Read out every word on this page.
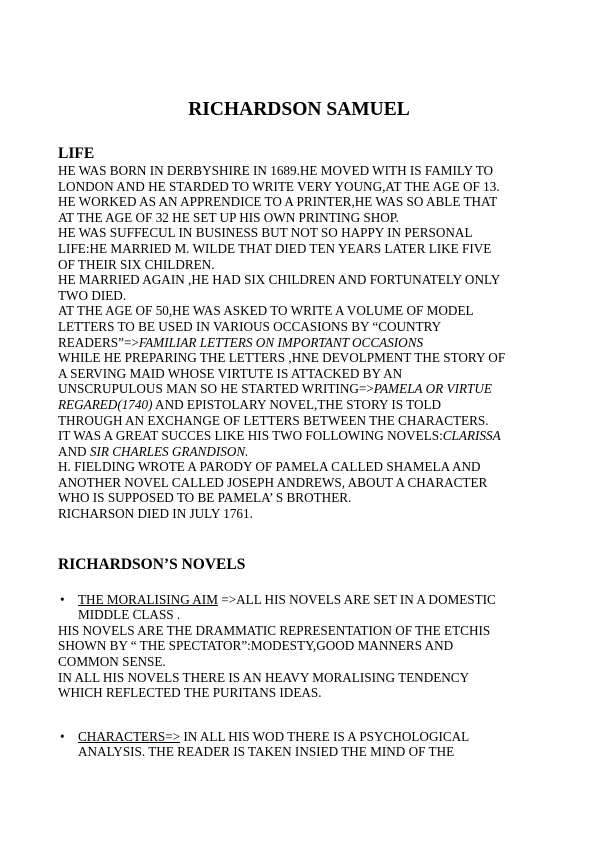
RICHARDSON SAMUEL
LIFE
HE WAS BORN IN DERBYSHIRE IN 1689.HE MOVED WITH IS FAMILY TO
LONDON AND HE STARDED TO WRITE VERY YOUNG,AT THE AGE OF 13.
HE WORKED AS AN APPRENDICE TO A PRINTER,HE WAS SO ABLE THAT
AT THE AGE OF 32 HE SET UP HIS OWN PRINTING SHOP.
HE WAS SUFFECUL IN BUSINESS BUT NOT SO HAPPY IN PERSONAL
LIFE:HE MARRIED M. WILDE THAT DIED TEN YEARS LATER LIKE FIVE
OF THEIR SIX CHILDREN.
HE MARRIED AGAIN ,HE HAD SIX CHILDREN AND FORTUNATELY ONLY
TWO DIED.
AT THE AGE OF 50,HE WAS ASKED TO WRITE A VOLUME OF MODEL
LETTERS TO BE USED IN VARIOUS OCCASIONS BY “COUNTRY
READERS”=>FAMILIAR LETTERS ON IMPORTANT OCCASIONS
WHILE HE PREPARING THE LETTERS ,HNE DEVOLPMENT THE STORY OF
A SERVING MAID WHOSE VIRTUTE IS ATTACKED BY AN
UNSCRUPULOUS MAN SO HE STARTED WRITING=>PAMELA OR VIRTUE
REGARED(1740) AND EPISTOLARY NOVEL,THE STORY IS TOLD
THROUGH AN EXCHANGE OF LETTERS BETWEEN THE CHARACTERS.
IT WAS A GREAT SUCCES LIKE HIS TWO FOLLOWING NOVELS:CLARISSA
AND SIR CHARLES GRANDISON.
H. FIELDING WROTE A PARODY OF PAMELA CALLED SHAMELA AND
ANOTHER NOVEL CALLED JOSEPH ANDREWS, ABOUT A CHARACTER
WHO IS SUPPOSED TO BE PAMELA’ S BROTHER.
RICHARSON DIED IN JULY 1761.
RICHARDSON’S NOVELS
• THE MORALISING AIM =>ALL HIS NOVELS ARE SET IN A DOMESTIC
MIDDLE CLASS .
HIS NOVELS ARE THE DRAMMATIC REPRESENTATION OF THE ETCHIS
SHOWN BY “ THE SPECTATOR”:MODESTY,GOOD MANNERS AND
COMMON SENSE.
IN ALL HIS NOVELS THERE IS AN HEAVY MORALISING TENDENCY
WHICH REFLECTED THE PURITANS IDEAS.
• CHARACTERS=> IN ALL HIS WOD THERE IS A PSYCHOLOGICAL
ANALYSIS. THE READER IS TAKEN INSIED THE MIND OF THE
